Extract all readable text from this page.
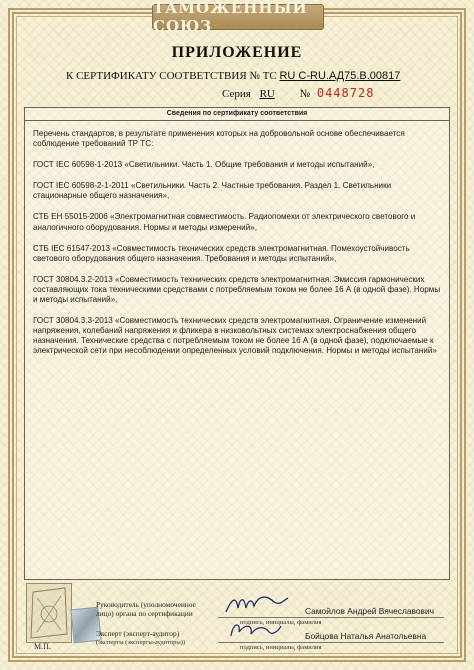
ТАМОЖЕННЫЙ СОЮЗ
ПРИЛОЖЕНИЕ
К СЕРТИФИКАТУ СООТВЕТСТВИЯ № ТС RU C-RU.АД75.В.00817
Серия RU № 0448728
Сведения по сертификату соответствия

Перечень стандартов, в результате применения которых на добровольной основе обеспечивается соблюдение требований ТР ТС:

ГОСТ IEC 60598-1-2013 «Светильники. Часть 1. Общие требования и методы испытаний»,

ГОСТ IEC 60598-2-1-2011 «Светильники. Часть 2. Частные требования. Раздел 1. Светильники стационарные общего назначения»,

СТБ ЕН 55015-2006 «Электромагнитная совместимость. Радиопомехи от электрического светового и аналогичного оборудования. Нормы и методы измерений»,

СТБ IEC 61547-2013 «Совместимость технических средств электромагнитная. Помехоустойчивость светового оборудования общего назначения. Требования и методы испытаний»,

ГОСТ 30804.3.2-2013 «Совместимость технических средств электромагнитная. Эмиссия гармонических составляющих тока техническими средствами с потребляемым током не более 16 А (в одной фазе). Нормы и методы испытаний»,

ГОСТ 30804.3.3-2013 «Совместимость технических средств электромагнитная. Ограничение изменений напряжения, колебаний напряжения и фликера в низковольтных системах электроснабжения общего назначения. Технические средства с потребляемым током не более 16 А (в одной фазе), подключаемые к электрической сети при несоблюдении определенных условий подключения. Нормы и методы испытаний»

М.П.
Руководитель (уполномоченное
лицо) органа по сертификации
подпись, инициалы, фамилия
Самойлов Андрей Вячеславович
Эксперт (эксперт-аудитор)
(эксперты (эксперты-аудиторы))
подпись, инициалы, фамилия
Бойцова Наталья Анатольевна
